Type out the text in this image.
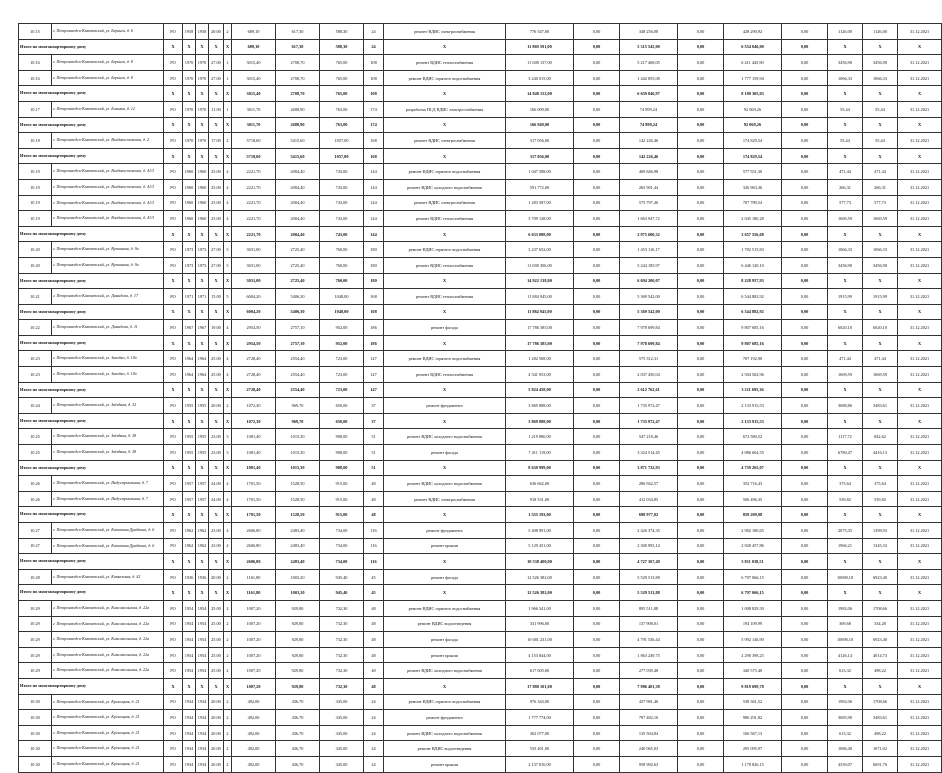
10.15	г. Петрозаводск-Камчатский, ул. Беринга, д. 6	РО	1958	1958	20.00	2	689,10	617,30	588,30	24	ремонт ВДИС электроснабжения	776 547,00	0,00	348 256,08	0,00	428 290,92	0,00	1126,00	1126,00	31.12.2021
Итого по многоквартирному дому		X	X	X	X	X	689,10	617,30	588,30	24	X	11 869 591,00	0,00	5 315 545,00	0,00	6 554 046,00	0,00	X	X	X
10.16	г. Петрозаводск-Камчатский, ул. Беринга, д. 8	РО	1970	1970	27.00	1	3015,40	2708,70	765,00	108	ремонт ВДИС теплоснабжения	11 600 137,00	0,00	5 217 468,05	0,00	6 411 445,90	0,00	3456,90	3456,90	31.12.2021
10.16	г. Петрозаводск-Камчатский, ул. Беринга, д. 8	РО	1970	1970	27.00	1	3015,40	2708,70	765,00	108	ремонт ВДИС горячего водоснабжения	3 240 015,00	0,00	1 442 855,08	0,00	1 777 159,94	0,00	1066,33	1066,33	31.12.2021
Итого по многоквартирному дому		X	X	X	X	X	3015,40	2708,70	765,00	108	X	14 840 152,00	0,00	6 659 846,97	0,00	8 180 305,03	0,00	X	X	X
10.17	г. Петрозаводск-Камчатский, ул. Бохняка, д. 12	РО	1970	1970	11.00	1	3011,70	2688,90	763,00	174	разработка ПСД ВДИС электроснабжения	166 009,00	0,00	74 899,24	0,00	92 069,26	0,00	55,44	55,44	31.12.2021
Итого по многоквартирному дому		X	X	X	X	X	3011,70	2688,90	763,00	174	X	166 949,00	0,00	74 899,24	0,00	92 069,26	0,00	X	X	X
10.18	г. Петрозаводск-Камчатский, ул. Владивостокская, д. 2	РО	1970	1970	17.00	2	5718,60	5415,60	1057,00	168	ремонт ВДИС электроснабжения	317 056,00	0,00	142 226,46	0,00	174 829,54	0,00	55,44	55,44	31.12.2021
Итого по многоквартирному дому		X	X	X	X	X	5718,60	5415,60	1057,00	168	X	317 056,00	0,00	142 226,46	0,00	174 829,54	0,00	X	X	X
10.19	г. Петрозаводск-Камчатский, ул. Владивостокская, д. 41/3	РО	1960	1960	25.00	4	2221,70	2004,40	743,00	144	ремонт ВДИС горячего водоснабжения	1 047 588,00	0,00	469 846,98	0,00	577 551,30	0,00	471,44	471,44	31.12.2021
10.19	г. Петрозаводск-Камчатский, ул. Владивостокская, д. 41/3	РО	1960	1960	25.00	4	2221,70	2004,40	743,00	144	ремонт ВДИС холодного водоснабжения	591 772,00	0,00	265 901,44	0,00	326 963,36	0,00	266,31	266,31	31.12.2021
10.19	г. Петрозаводск-Камчатский, ул. Владивостокская, д. 41/3	РО	1960	1960	25.00	4	2221,70	2004,40	743,00	144	ремонт ВДИС электроснабжения	1 283 587,00	0,00	575 797,46	0,00	707 789,54	0,00	577,73	577,73	31.12.2021
10.19	г. Петрozaводск-Камчатский, ул. Владивостокская, д. 41/3	РО	1960	1960	25.00	4	2221,70	2004,40	743,00	144	ремонт ВДИС теплоснабжения	3 709 128,00	0,00	1 663 947,72	0,00	2 045 180,28	0,00	1669,59	1669,59	31.12.2021
Итого по многоквартирному дому		X	X	X	X	X	2221,70	2004,40	743,00	144	X	6 633 088,00	0,00	2 975 600,32	0,00	3 657 556,68	0,00	X	X	X
10.20	г. Петрозаводск-Камчатский, ул. Вулканная, д. 9а	РО	1973	1973	27.00	5	3031,00	2725,40	760,00	180	ремонт ВДИС горячего водоснабжения	3 237 652,00	0,00	1 453 116,17	0,00	1 782 515,83	0,00	1066,33	1066,33	31.12.2021
10.20	г. Петрозаводск-Камчатский, ул. Вулканная, д. 9а	РО	1973	1973	27.00	5	3031,00	2725,40	760,00	180	ремонт ВДИС теплоснабжения	11 690 306,00	0,00	5 244 185,97	0,00	6 446 120,10	0,00	3456,90	3456,90	31.12.2021
Итого по многоквартирному дому		X	X	X	X	X	3031,00	2725,40	760,00	180	X	14 922 138,00	0,00	6 694 200,07	0,00	8 228 957,93	0,00	X	X	X
10.21	г. Петрозаводск-Камчатский, ул. Давыдова, д. 17	РО	1971	1971	15.00	5	6004,20	5406,30	1048,00	168	ремонт ВДИС теплоснабжения	11 884 945,00	0,00	5 369 542,00	0,00	6 544 882,92	0,00	1915,99	1915,99	31.12.2021
Итого по многоквартирному дому		X	X	X	X	X	6004,20	5406,30	1048,00	168	X	11 884 945,00	0,00	5 369 542,00	0,00	6 544 882,92	0,00	X	X	X
10.22	г. Петрозаводск-Камчатский, ул. Давыдова, д. 11	РО	1967	1967	19.00	4	2954,50	2757,10	952,00	186	ремонт фасада	17 786 385,00	0,00	7 978 699,84	0,00	9 807 685,16	0,00	6020,10	6020,10	31.12.2021
Итого по многоквартирному дому		X	X	X	X	X	2954,50	2757,10	952,00	186	X	17 786 385,00	0,00	7 978 699,84	0,00	9 807 685,16	0,00	X	X	X
10.23	г. Петрозаводск-Камчатский, ул. Завойко, д. 19а	РО	1964	1964	25.00	4	2728,40	2554,40	723,00	147	ремонт ВДИС горячего водоснабжения	1 282 568,00	0,00	575 312,31	0,00	707 192,90	0,00	471,44	471,44	31.12.2021
10.23	г. Петрозаводск-Камчатский, ул. Завойко, д. 19а	РО	1964	1964	25.00	4	2728,40	2554,40	723,00	147	ремонт ВДИС теплоснабжения	4 541 953,00	0,00	2 037 450,04	0,00	2 504 502,96	0,00	1669,59	1669,59	31.12.2021
Итого по многоквартирному дому		X	X	X	X	X	2728,40	2554,40	723,00	147	X	5 824 458,00	0,00	2 612 762,61	0,00	3 211 695,36	0,00	X	X	X
10.24	г. Петрозаводск-Камчатский, ул. Звёздная, д. 32	РО	1955	1955	20.00	2	1072,30	969,70	650,00	37	ремонт фундамента	3 869 888,00	0,00	1 735 972,47	0,00	2 133 915,53	0,00	3688,86	3483,61	31.12.2021
Итого по многоквартирному дому		X	X	X	X	X	1072,30	969,70	650,00	37	X	3 869 888,00	0,00	1 735 972,47	0,00	2 133 915,53	0,00	X	X	X
10.25	г. Петрозаводск-Камчатский, ул. Звёздная, д. 38	РО	1955	1955	23.00	3	1081,40	1015,30	908,00	51	ремонт ВДИС холодного водоснабжения	1 219 880,00	0,00	547 218,46	0,00	672 580,52	0,00	1117,72	842,62	31.12.2021
10.25	г. Петрозаводск-Камчатский, ул. Звёздная, д. 38	РО	1955	1955	23.00	3	1081,40	1015,30	908,00	51	ремонт фасада	7 411 119,00	0,00	3 324 514,45	0,00	4 086 604,55	0,00	6780,47	4416,13	31.12.2021
Итого по многоквартирному дому		X	X	X	X	X	1081,40	1015,30	908,00	51	X	8 630 999,00	0,00	3 871 732,93	0,00	4 759 265,07	0,00	X	X	X
10.26	г. Петрозаводск-Камчатский, ул. Индустриальная, д. 7	РО	1957	1957	24.00	4	1701,50	1528,50	915,00	48	ремонт ВДИС холодного водоснабжения	636 662,00	0,00	286 942,57	0,00	352 716,43	0,00	375,64	375,64	31.12.2021
10.26	г. Петрозаводск-Камчатский, ул. Индустриальная, д. 7	РО	1957	1957	24.00	4	1701,50	1528,50	915,00	48	ремонт ВДИС электроснабжения	918 531,00	0,00	412 034,85	0,00	506 496,35	0,00	539,82	539,82	31.12.2021
Итого по многоквартирному дому		X	X	X	X	X	1701,50	1528,50	915,00	48	X	1 555 193,00	0,00	698 977,02	0,00	859 209,98	0,00	X	X	X
10.27	г. Петрозаводск-Камчатский, ул. Капитана Драбкина, д. 6	РО	1962	1962	23.00	4	2606,80	2483,40	734,00	116	ремонт фундамента	5 408 991,00	0,00	2 426 374,35	0,00	2 982 180,65	0,00	2075,35	1398,93	31.12.2021
10.27	г. Петрозаводск-Камчатский, ул. Капитана Драбкина, д. 6	РО	1962	1962	23.00	4	2606,80	2483,40	734,00	116	ремонт крыши	5 129 451,00	0,00	2 300 993,14	0,00	2 828 457,86	0,00	1966,21	1345,33	31.12.2021
Итого по многоквартирному дому		X	X	X	X	X	2606,80	2483,40	734,00	116	X	10 538 400,00	0,00	4 727 367,49	0,00	5 811 038,51	0,00	X	X	X
10.28	г. Петрозаводск-Камчатский, ул. Кавказская, д. 42	РО	1936	1936	20.00	2	1161,80	1003,20	945,40	45	ремонт фасада	12 526 382,00	0,00	5 529 513,88	0,00	6 797 066,15	0,00	10698,10	6923,40	31.12.2021
Итого по многоквартирному дому		X	X	X	X	X	1161,80	1003,20	945,40	45	X	12 526 382,00	0,00	5 529 513,88	0,00	6 797 066,15	0,00	X	X	X
10.29	г. Петрозаводск-Камчатский, ул. Комсомольская, д. 22а	РО	1954	1954	25.00	2	1007,20	929,80	732,30	48	ремонт ВДИС горячего водоснабжения	1 966 341,00	0,00	895 511,88	0,00	1 008 829,50	0,00	1982,06	1708,66	31.12.2021
10.29	г. Петрозаводск-Камчатский, ул. Комсомольская, д. 22а	РО	1954	1954	25.00	2	1007,20	929,80	732,30	48	ремонт ВДИС водоотведения	331 996,00	0,00	137 908,01	0,00	194 109,99	0,00	369,68	334,28	31.12.2021
10.29	г. Петрозаводск-Камчатский, ул. Комсомольская, д. 22а	РО	1954	1954	25.00	2	1007,20	929,80	732,30	48	ремонт фасада	10 681 231,00	0,00	4 791 536,44	0,00	5 992 146,90	0,00	10698,10	6923,40	31.12.2021
10.29	г. Петрозаводск-Камчатский, ул. Комсомольская, д. 22а	РО	1954	1954	25.00	2	1007,20	929,80	732,30	48	ремонт крыши	4 153 844,00	0,00	1 863 249,75	0,00	2 290 398,25	0,00	4126,14	4014,73	31.12.2021
10.29	г. Петрозаводск-Камчатский, ул. Комсомольская, д. 22а	РО	1954	1954	25.00	2	1007,20	929,80	732,30	48	ремонт ВДИС холодного водоснабжения	617 605,00	0,00	277 039,48	0,00	340 575,40	0,00	613,32	498,22	31.12.2021
Итого по многоквартирному дому		X	X	X	X	X	1007,20	929,80	732,30	48	X	17 880 101,00	0,00	7 986 401,38	0,00	9 819 699,78	0,00	X	X	X
10.30	г. Петрозаводск-Камчатский, ул. Кроноцкая, д. 21	РО	1934	1934	20.00	2	492,00	436,70	345,00	24	ремонт ВДИС горячего водоснабжения	976 343,00	0,00	437 981,46	0,00	538 361,52	0,00	1982,06	1708,66	31.12.2021
10.30	г. Петрозаводск-Камчатский, ул. Кроноцкая, д. 21	РО	1934	1934	20.00	2	492,00	436,70	345,00	24	ремонт фундамента	1 777 774,00	0,00	797 482,16	0,00	980 291,82	0,00	3685,90	3483,61	31.12.2021
10.30	г. Петрозаводск-Камчатский, ул. Кроноцкая, д. 21	РО	1934	1934	20.00	2	492,00	436,70	345,00	24	ремонт ВДИС холодного водоснабжения	302 077,00	0,00	135 504,84	0,00	166 567,13	0,00	613,32	498,22	31.12.2021
10.30	г. Петрозаводск-Камчатский, ул. Кроноцкая, д. 21	РО	1934	1934	20.00	2	492,00	436,70	345,00	24	ремонт ВДИС водоотведения	535 401,00	0,00	240 065,03	0,00	295 095,97	0,00	1086,40	1071,02	31.12.2021
10.30	г. Петрозаводск-Камчатский, ул. Кроноцкая, д. 21	РО	1934	1934	20.00	2	492,00	436,70	345,00	24	ремонт крыши	2 137 810,00	0,00	958 992,63	0,00	1 178 826,15	0,00	4339,07	6691,76	31.12.2021
